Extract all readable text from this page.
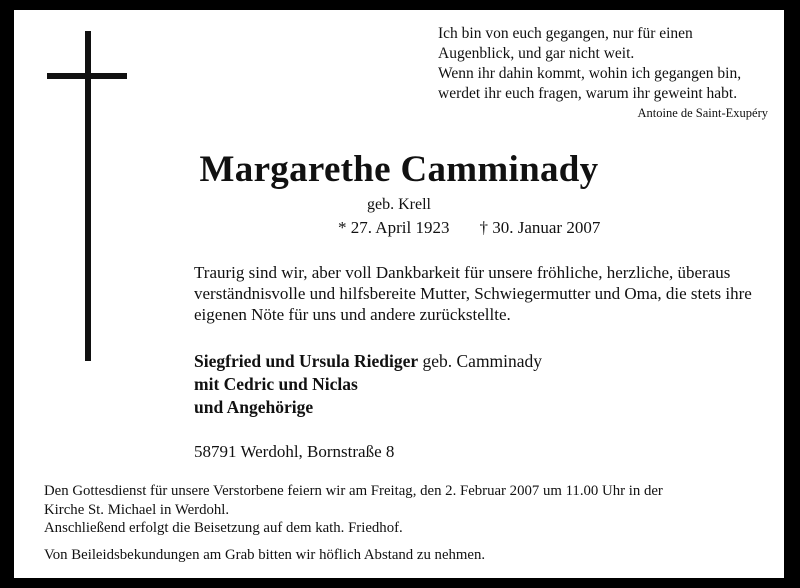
Ich bin von euch gegangen, nur für einen
Augenblick, und gar nicht weit.
Wenn ihr dahin kommt, wohin ich gegangen bin,
werdet ihr euch fragen, warum ihr geweint habt.
Antoine de Saint-Exupéry
Margarethe Camminady
geb. Krell
* 27. April 1923 † 30. Januar 2007
Traurig sind wir, aber voll Dankbarkeit für unsere fröhliche, herzliche, überaus verständnisvolle und hilfsbereite Mutter, Schwiegermutter und Oma, die stets ihre eigenen Nöte für uns und andere zurückstellte.
Siegfried und Ursula Riediger geb. Camminady
mit Cedric und Niclas
und Angehörige
58791 Werdohl, Bornstraße 8
Den Gottesdienst für unsere Verstorbene feiern wir am Freitag, den 2. Februar 2007 um 11.00 Uhr in der
Kirche St. Michael in Werdohl.
Anschließend erfolgt die Beisetzung auf dem kath. Friedhof.
Von Beileidsbekundungen am Grab bitten wir höflich Abstand zu nehmen.
